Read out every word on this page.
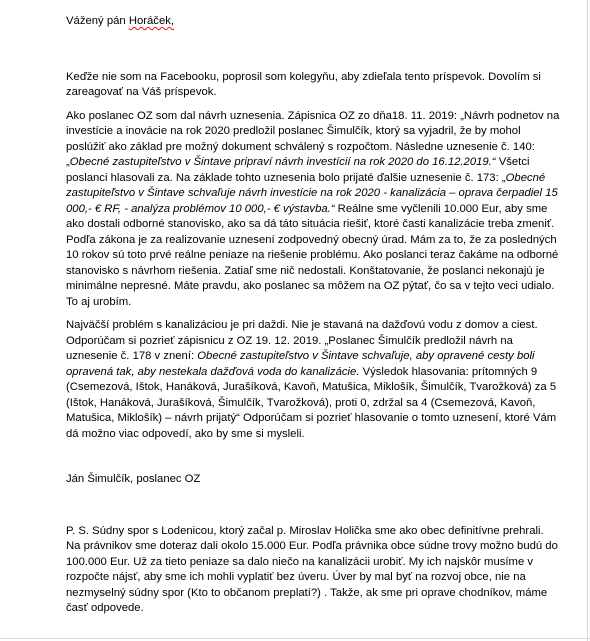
Vážený pán Horáček,

Keďže nie som na Facebooku, poprosil som kolegyňu, aby zdieľala tento príspevok. Dovolím si zareagovať na Váš príspevok.

Ako poslanec OZ som dal návrh uznesenia. Zápisnica OZ zo dňa18. 11. 2019: „Návrh podnetov na investície a inovácie na rok 2020 predložil poslanec Šimulčík, ktorý sa vyjadril, že by mohol poslúžiť ako základ pre možný dokument schválený s rozpočtom. Následne uznesenie č. 140: „Obecné zastupiteľstvo v Šintave pripraví návrh investícií na rok 2020 do 16.12.2019.“ Všetci poslanci hlasovali za. Na základe tohto uznesenia bolo prijaté ďalšie uznesenie č. 173: „Obecné zastupiteľstvo v Šintave schvaľuje návrh investície na rok 2020 - kanalizácia – oprava čerpadiel 15 000,- € RF, - analýza problémov 10 000,- € výstavba.“ Reálne sme vyčlenili 10.000 Eur, aby sme ako dostali odborné stanovisko, ako sa dá táto situácia riešiť, ktoré časti kanalizácie treba zmeniť. Podľa zákona je za realizovanie uznesení zodpovedný obecný úrad. Mám za to, že za posledných 10 rokov sú toto prvé reálne peniaze na riešenie problému. Ako poslanci teraz čakáme na odborné stanovisko s návrhom riešenia. Zatiaľ sme nič nedostali. Konštatovanie, že poslanci nekonajú je minimálne nepresné. Máte pravdu, ako poslanec sa môžem na OZ pýtať, čo sa v tejto veci udialo. To aj urobím.

Najväčší problém s kanalizáciou je pri daždi. Nie je stavaná na dažďovú vodu z domov a ciest. Odporúčam si pozrieť zápisnicu z OZ 19. 12. 2019. „Poslanec Šimulčík predložil návrh na uznesenie č. 178 v znení: Obecné zastupiteľstvo v Šintave schvaľuje, aby opravené cesty boli opravená tak, aby nestekala dažďová voda do kanalizácie. Výsledok hlasovania: prítomných 9 (Csemezová, Ištok, Hanáková, Jurašíková, Kavoň, Matušica, Miklošík, Šimulčík, Tvarožková) za 5 (Ištok, Hanáková, Jurašíková, Šimulčík, Tvarožková), proti 0, zdržal sa 4 (Csemezová, Kavoň, Matušica, Miklošík) – návrh prijatý“ Odporúčam si pozrieť hlasovanie o tomto uznesení, ktoré Vám dá možno viac odpovedí, ako by sme si mysleli.

Ján Šimulčík, poslanec OZ

P. S. Súdny spor s Lodenicou, ktorý začal p. Miroslav Holička sme ako obec definitívne prehrali. Na právnikov sme doteraz dali okolo 15.000 Eur. Podľa právnika obce súdne trovy možno budú do 100.000 Eur. Už za tieto peniaze sa dalo niečo na kanalizácii urobiť. My ich najskôr musíme v rozpočte nájsť, aby sme ich mohli vyplatiť bez úveru. Úver by mal byť na rozvoj obce, nie na nezmyselný súdny spor (Kto to občanom preplatí?) . Takže, ak sme pri oprave chodníkov, máme časť odpovede.
